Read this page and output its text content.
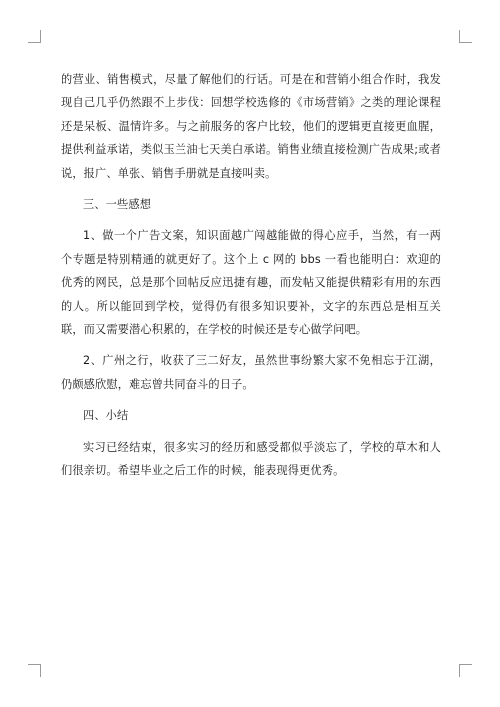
的营业、销售模式，尽量了解他们的行话。可是在和营销小组合作时，我发现自己几乎仍然跟不上步伐：回想学校选修的《市场营销》之类的理论课程还是呆板、温情许多。与之前服务的客户比较，他们的逻辑更直接更血腥，提供利益承诺，类似玉兰油七天美白承诺。销售业绩直接检测广告成果;或者说，报广、单张、销售手册就是直接叫卖。

三、一些感想

1、做一个广告文案，知识面越广闯越能做的得心应手，当然，有一两个专题是特别精通的就更好了。这个上 c 网的 bbs 一看也能明白：欢迎的优秀的网民，总是那个回帖反应迅捷有趣，而发帖又能提供精彩有用的东西的人。所以能回到学校，觉得仍有很多知识要补，文字的东西总是相互关联，而又需要潜心积累的，在学校的时候还是专心做学问吧。

2、广州之行，收获了三二好友，虽然世事纷繁大家不免相忘于江湖，仍颇感欣慰，难忘曾共同奋斗的日子。

四、小结

实习已经结束，很多实习的经历和感受都似乎淡忘了，学校的草木和人们很亲切。希望毕业之后工作的时候，能表现得更优秀。
